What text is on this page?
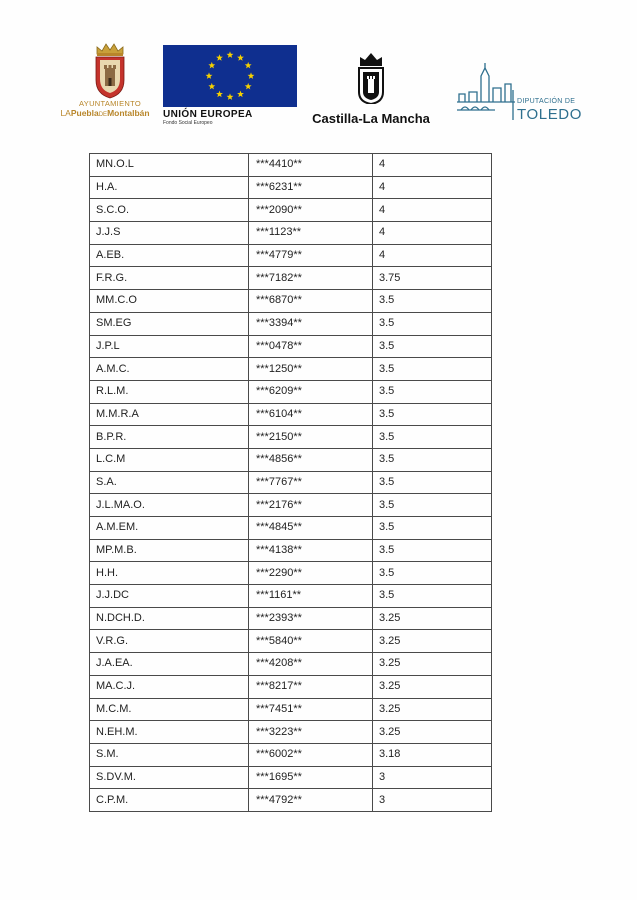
AYUNTAMIENTO
LAPueblaDEMontalbán	UNIÓN EUROPEA
Fondo Social Europeo	Castilla-La Mancha
DIPUTACIÓN DE
TOLEDO
MN.O.L	***4410**	4
H.A.	***6231**	4
S.C.O.	***2090**	4
J.J.S	***1123**	4
A.EB.	***4779**	4
F.R.G.	***7182**	3.75
MM.C.O	***6870**	3.5
SM.EG	***3394**	3.5
J.P.L	***0478**	3.5
A.M.C.	***1250**	3.5
R.L.M.	***6209**	3.5
M.M.R.A	***6104**	3.5
B.P.R.	***2150**	3.5
L.C.M	***4856**	3.5
S.A.	***7767**	3.5
J.L.MA.O.	***2176**	3.5
A.M.EM.	***4845**	3.5
MP.M.B.	***4138**	3.5
H.H.	***2290**	3.5
J.J.DC	***1161**	3.5
N.DCH.D.	***2393**	3.25
V.R.G.	***5840**	3.25
J.A.EA.	***4208**	3.25
MA.C.J.	***8217**	3.25
M.C.M.	***7451**	3.25
N.EH.M.	***3223**	3.25
S.M.	***6002**	3.18
S.DV.M.	***1695**	3
C.P.M.	***4792**	3
